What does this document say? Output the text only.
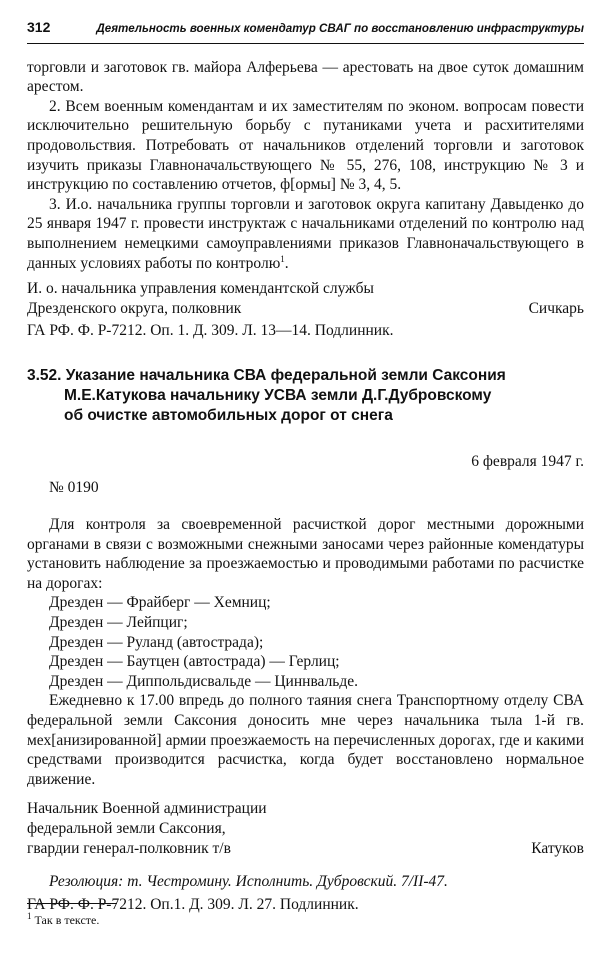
312	Деятельность военных комендатур СВАГ по восстановлению инфраструктуры

торговли и заготовок гв. майора Алферьева — арестовать на двое суток домашним арестом.

2. Всем военным комендантам и их заместителям по эконом. вопросам повести исключительно решительную борьбу с путаниками учета и расхитителями продовольствия. Потребовать от начальников отделений торговли и заготовок изучить приказы Главноначальствующего № 55, 276, 108, инструкцию № 3 и инструкцию по составлению отчетов, ф[ормы] № 3, 4, 5.

3. И.о. начальника группы торговли и заготовок округа капитану Давыденко до 25 января 1947 г. провести инструктаж с начальниками отделений по контролю над выполнением немецкими самоуправлениями приказов Главноначальствующего в данных условиях работы по контролю$^1$.

И. о. начальника управления комендантской службы
Дрезденского округа, полковник	Сичкарь

ГА РФ. Ф. Р-7212. Оп. 1. Д. 309. Л. 13—14. Подлинник.

3.52. Указание начальника СВА федеральной земли Саксония
М.Е.Катукова начальнику УСВА земли Д.Г.Дубровскому
об очистке автомобильных дорог от снега
6 февраля 1947 г.
№ 0190

Для контроля за своевременной расчисткой дорог местными дорожными органами в связи с возможными снежными заносами через районные комендатуры установить наблюдение за проезжаемостью и проводимыми работами по расчистке на дорогах:

Дрезден — Фрайберг — Хемниц;
Дрезден — Лейпциг;
Дрезден — Руланд (автострада);
Дрезден — Баутцен (автострада) — Герлиц;
Дрезден — Диппольдисвальде — Циннвальде.

Ежедневно к 17.00 впредь до полного таяния снега Транспортному отделу СВА федеральной земли Саксония доносить мне через начальника тыла 1-й гв. мех[анизированной] армии проезжаемость на перечисленных дорогах, где и какими средствами производится расчистка, когда будет восстановлено нормальное движение.

Начальник Военной администрации
федеральной земли Саксония,
гвардии генерал-полковник т/в	Катуков

Резолюция: т. Честромину. Исполнить. Дубровский. 7/II-47.

ГА РФ. Ф. Р-7212. Оп.1. Д. 309. Л. 27. Подлинник.

$^1$ Так в тексте.
